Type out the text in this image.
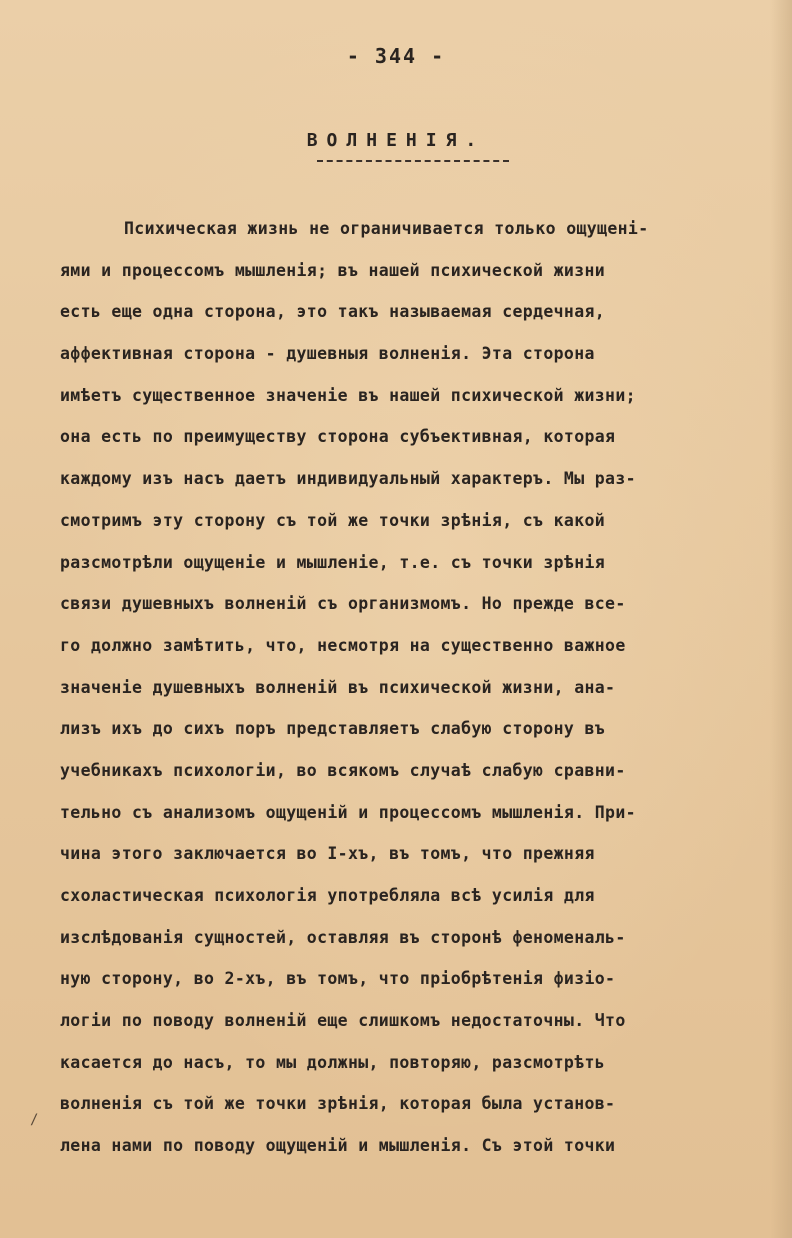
- 344 -
ВОЛНЕНІЯ.
Психическая жизнь не ограничивается только ощущені-
ями и процессомъ мышленія; въ нашей психической жизни
есть еще одна сторона, это такъ называемая сердечная,
аффективная сторона - душевныя волненія. Эта сторона
имѣетъ существенное значеніе въ нашей психической жизни;
она есть по преимуществу сторона субъективная, которая
каждому изъ насъ даетъ индивидуальный характеръ. Мы раз-
смотримъ эту сторону съ той же точки зрѣнія, съ какой
разсмотрѣли ощущеніе и мышленіе, т.е. съ точки зрѣнія
связи душевныхъ волненій съ организмомъ. Но прежде все-
го должно замѣтить, что, несмотря на существенно важное
значеніе душевныхъ волненій въ психической жизни, ана-
лизъ ихъ до сихъ поръ представляетъ слабую сторону въ
учебникахъ психологіи, во всякомъ случаѣ слабую сравни-
тельно съ анализомъ ощущеній и процессомъ мышленія. При-
чина этого заключается во I-хъ, въ томъ, что прежняя
схоластическая психологія употребляла всѣ усилія для
изслѣдованія сущностей, оставляя въ сторонѣ феноменаль-
ную сторону, во 2-хъ, въ томъ, что пріобрѣтенія физіо-
логіи по поводу волненій еще слишкомъ недостаточны. Что
касается до насъ, то мы должны, повторяю, разсмотрѣть
волненія съ той же точки зрѣнія, которая была установ-
лена нами по поводу ощущеній и мышленія. Съ этой точки
/
